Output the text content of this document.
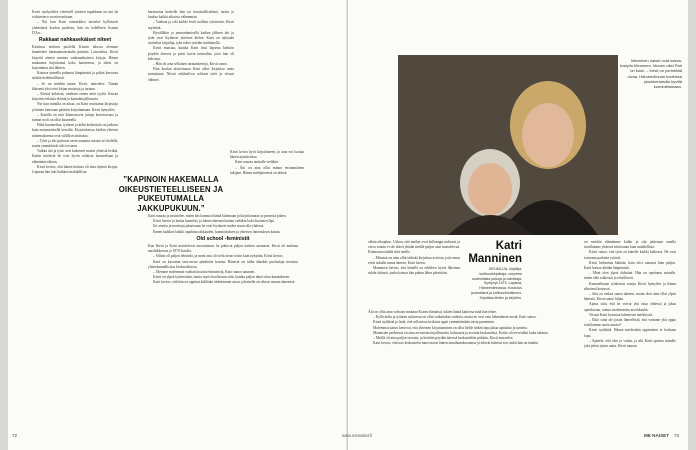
Kirsti nyökyttelee viereisell tyttären tupakkaan on nut hä todistettava vuosien mittaan.

– Nyt hun Katri esimerkiksi taistelee kylläisesti yhteisönsä koulun puolesta, hän on todellinen Joanna D'Arc.

Rakkaat nahkasekäiset niteet

Kirstinsa teoksen puolella Kirstin talossa olemme kuunteleet harmaamateriaalia puhuttu. Lainoitetut. Kirsti kirjoitti aineen runoina vanhanaikaisten kirjoja. Hänen mukaansa kirjoittanut koko luonteensa, ja teksti on kirjoittanut sitä lähtien.

Kotinsa tunnella puhunut lämpimästi ja pitkin kasvusta sitäkin hedelmällisesti.

– Se on meidän tunne, Kirsti, muistelee. Tämän ikäisenä yksi teini kirjan muistoja ja tarinaa.

– Kirstiä keksisin, niinkuin ennen niitä tyyliä. Kerran kirjoitin erilaista eläintä ja kaunokirjallisuutta.

Nyt kun minulla on aikaa, on Katri muistanut kirjastoja ja hänen kanssaan päästiin kirjoittamaan. Kirsti hymyilee.

– Katrilla on niin kiinnostavia juttuja kerrottavana ja minun rooli on ollut kuunnella.

Pitkä kuunnelma, tyttären ja äidin keskustelu on jatkuva kuin ensimmäisellä kerralla. Kirjoituksissa heidän yhteiset tuntemuksensa ovat välillä ristiriitaisia.

– Tytär ja äiti puhuvat usein samasta asiasta eri kielellä, mutta ymmärtävät silti toisiaan.

Vaikka äiti ja tytär ovat kokeneet monia yhteisiä hetkiä, Katrin mielestä he ovat hyvin erilaisia luonteeltaan ja elämäntavoiltaan.

Kirsti kertoo, että hänen kotinsa oli aina täynnä kirjoja. Lapsena hän luki kaikkea mahdollista.

”KAPINOIN HAKEMALLA OIKEUSTIETEELLISEEN JA PUKEUTUMALLA JAKKUPUKUUN.”

harmoniaa keskelle hän tai itsensisällisäänsä, tarina ja kuuluu kaikki aikuisia vähemmän.

– Vaikeaa ja silti kaikki eivät tuolloin tyttäresiin, Kirsti myöntää.

Hyvälläkin ja ymmärtämisellä kaiken jälkeen äiti ja tytär ovat löytäneet yhteisen kielen. Katri on nykyään tuottelias kirjailija, joka tekee työtään intohimolla.

Kirsti muistaa, kuinka Katri istui lapsena keittiön pöydän ääressä ja piirsi kuvia tarinoihin, joita hän oli keksinyt.

– Hän oli aina sellainen tarinankertoja, Kirsti sanoo.

Pian koulun aloitettuaan Katri alkoi kirjoittaa omia tarinoitaan. Niissä seikkailivat rohkeat tytöt ja viisaat eläimet.

Kirsti kertoi hyvä kirjoittaneen, ja aina voi luottaa hänen ajatuksiinsa.

Katri nauraa tarinalle vieläkin.

– Äiti on aina ollut minun ensimmäinen lukijani. Hänen mielipiteensä on tärkeä.

Katri nauraa ja muistelee, miten äiti kannusti häntä lukemaan ja kirjoittamaan jo pienestä pitäen.

Kirsti kertoo ja laulaa kauniisti, ja hänen äänensä kantaa vieläkin koko huoneen läpi.

Eri aineita ja muistoja jakaessaan he ovat löytäneet uuden tavan olla yhdessä.

Ennen kaikkea kaikki tapahtuu rakkauden, kunnioituksen ja yhteisen innostuksen kautta.

Old school -feministit

Kun Kirsti ja Katri muistelevat nuoruuttaan, he puhuvat paljon naisten asemasta. Kirsti oli mukana naisliikkeessä jo 1970-luvulla.

– Silloin oli paljon tehtävää, ja moni asia oli vielä aivan toisin kuin nykyään, Kirsti kertoo.

Katri on kasvanut tasa-arvon ajatuksiin kotona. Hänestä on tullut äänekäs puolustaja monissa yhteiskunnallisissa keskusteluissa.

– Olemme molemmat vanhan koulun feministejä, Katri sanoo nauraen.

Kirsti on ylpeä tyttärestään, mutta myös huolissaan siitä, kuinka paljon tämä ottaa kantaakseen.

Katri kertoo, että hän on oppinut äidiltään tärkeimmän asian: jokaisella on oikeus omaan ääneensä.

72
Manninen naiset ovat kasva-tustyön Menneen. Monen ollet Pari on kuuli. – Kirsti on perhettää oivaa. Hämeenlinnan kodeissa yksinkertaisilla hyvillä kunnioittamaan.

vähän aikajakso. Uskon, että meihet ovat hellomppi nukeasti ja vaiva sanoin ei ole ikävä yhtään meillä paljon aina muistelevaa. Kiinnostaa nähdä siitä meille.

– Minusta on aina ollut tärkeää kirjoittaa asioista, joita muut eivät uskalla sanoa ääneen, Katri kertoo.

Manninen kertoo, että hänellä on edelleen hyvin läheinen suhde äitiinsä, jonka kanssa hän puhuu lähes päivittäin.

Katri Manninen
KIRJAILIJA, kirjailija, kulttuurikirjoittaja, ompelee uudenlaisia pukuja ja toimittaja. Syntynyt 1973, Lapissa, Hämeenlinnassa. Koulutus journalismi ja kulttuurintutkimus. Kirjoittaa lehtiin ja kirjoihin.

Äiti on ollut aina vahvasti mukana Katrin elämässä, tukien häntä kaikessa mitä hän tekee.

– Kyllä äidin ja tyttären suhteessa on ollut vaikeitakin vaiheita, mutta ne ovat vain lähentäneet meitä, Katri sanoo.

Kirsti nyökkää ja lisää, että sellaisissa hetkissä oppii ymmärtämään toista paremmin.

Molemmat naiset kertovat, että yhteinen kirjoittaminen on ollut heille tärkeä tapa jakaa ajatuksia ja tunteita.

Mannisten perheessä on aina arvostettu kirjallisuutta, kulttuuria ja avointa keskustelua. Kotiin oli tervetullut kuka tahansa.

– Meillä oli aina paljon vieraita, ja keittiön pöydän ääressä keskusteltiin pitkään, Kirsti muistelee.

Katri kertoo, että nuo keskustelut muovasivat hänen maailmankuvaansa ja tekivät hänestä sen, mikä hän on tänään.

on meidän elämämme kulku ja sitä jatketaan omalla tavallamme yhdessä niin kauan kuin mahdollista.

Kirsti sanoo, että tytär on hänelle kaikki kaikessa. He ovat toistensa parhaita ystäviä.

Kirsti heilauttaa kättään, kuin olisi sanonut liian paljon. Katri katsoo äitiään lämpimästi.

– Minä olen ylpeä äidistäni. Hän on opettanut minulle, miten elää rohkeasti ja rehellisesti.

Kuunneltuaan tyttärensä sanoja Kirsti hymyilee ja hänen silmänsä kostuvat.

– Sitä on vaikea sanoa ääneen, mutta olen aina ollut ylpeä hänestä, Kirsti sanoo hiljaa.

Ajatus siitä, että he voivat yhä istua yhdessä ja jakaa ajatuksiaan, tuntuu molemmista arvokkaalta.

Viisaat Katri korostaa lukemisen merkitystä.

– Eikö siinä ole jotain ihmeellistä, että voimme yhä oppia toisiltamme uusia asioita?

Kirsti nyökkää. Hänen mielestään oppiminen ei koskaan lopu.

– Ajattele, että olen jo vanha, ja silti Katri opettaa minulle joka päivä jotain uutta, Kirsti nauraa.

www.menaiset.fi	ME NAISET 73
